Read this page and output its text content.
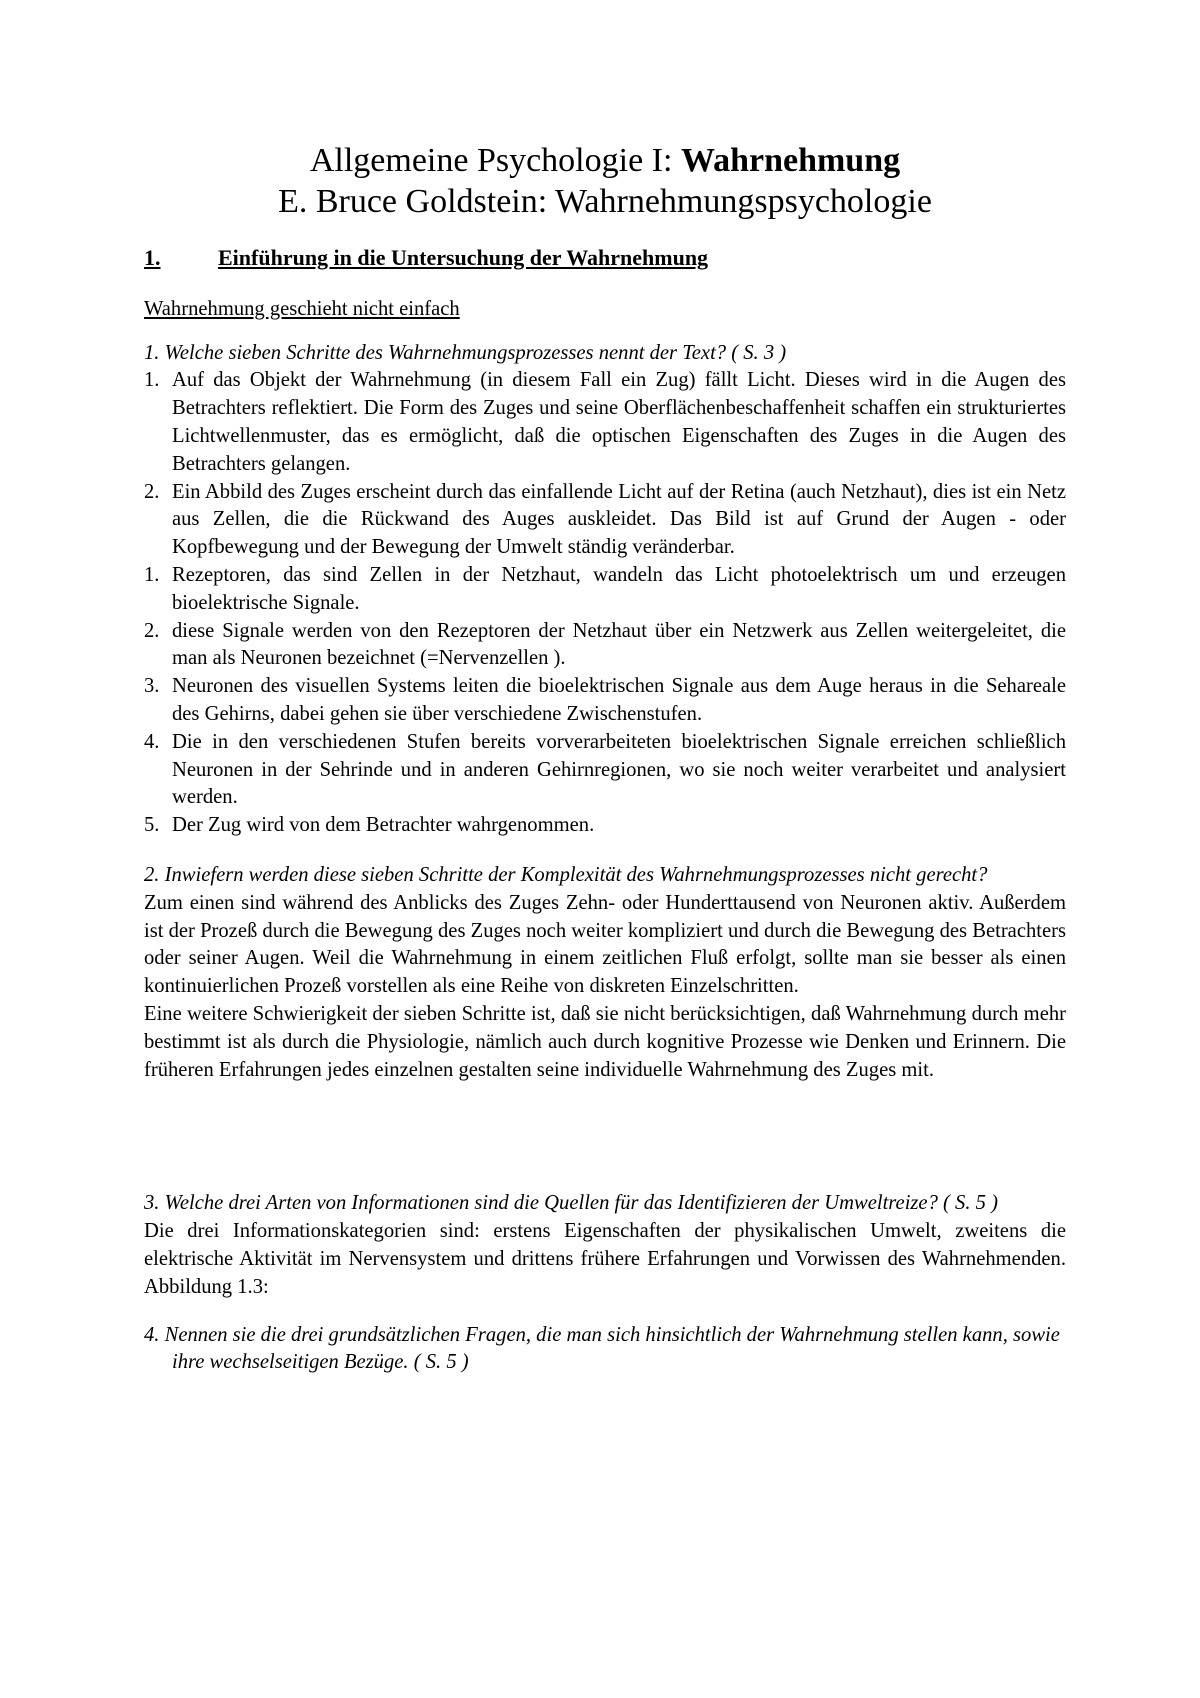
Allgemeine Psychologie I: Wahrnehmung

E. Bruce Goldstein: Wahrnehmungspsychologie

1.	Einführung in die Untersuchung der Wahrnehmung
Wahrnehmung geschieht nicht einfach

1. Welche sieben Schritte des Wahrnehmungsprozesses nennt der Text? ( S. 3 )

1. Auf das Objekt der Wahrnehmung (in diesem Fall ein Zug) fällt Licht. Dieses wird in die Augen des Betrachters reflektiert. Die Form des Zuges und seine Oberflächenbeschaffenheit schaffen ein strukturiertes Lichtwellenmuster, das es ermöglicht, daß die optischen Eigenschaften des Zuges in die Augen des Betrachters gelangen.
2. Ein Abbild des Zuges erscheint durch das einfallende Licht auf der Retina (auch Netzhaut), dies ist ein Netz aus Zellen, die die Rückwand des Auges auskleidet. Das Bild ist auf Grund der Augen - oder Kopfbewegung und der Bewegung der Umwelt ständig veränderbar.
1. Rezeptoren, das sind Zellen in der Netzhaut, wandeln das Licht photoelektrisch um und erzeugen bioelektrische Signale.
2. diese Signale werden von den Rezeptoren der Netzhaut über ein Netzwerk aus Zellen weitergeleitet, die man als Neuronen bezeichnet (=Nervenzellen ).
3. Neuronen des visuellen Systems leiten die bioelektrischen Signale aus dem Auge heraus in die Sehareale des Gehirns, dabei gehen sie über verschiedene Zwischenstufen.
4. Die in den verschiedenen Stufen bereits vorverarbeiteten bioelektrischen Signale erreichen schließlich Neuronen in der Sehrinde und in anderen Gehirnregionen, wo sie noch weiter verarbeitet und analysiert werden.
5. Der Zug wird von dem Betrachter wahrgenommen.

2. Inwiefern werden diese sieben Schritte der Komplexität des Wahrnehmungsprozesses nicht gerecht?

Zum einen sind während des Anblicks des Zuges Zehn- oder Hunderttausend von Neuronen aktiv. Außerdem ist der Prozeß durch die Bewegung des Zuges noch weiter kompliziert und durch die Bewegung des Betrachters oder seiner Augen. Weil die Wahrnehmung in einem zeitlichen Fluß erfolgt, sollte man sie besser als einen kontinuierlichen Prozeß vorstellen als eine Reihe von diskreten Einzelschritten.

Eine weitere Schwierigkeit der sieben Schritte ist, daß sie nicht berücksichtigen, daß Wahrnehmung durch mehr bestimmt ist als durch die Physiologie, nämlich auch durch kognitive Prozesse wie Denken und Erinnern. Die früheren Erfahrungen jedes einzelnen gestalten seine individuelle Wahrnehmung des Zuges mit.

3. Welche drei Arten von Informationen sind die Quellen für das Identifizieren der Umweltreize? ( S. 5 )

Die drei Informationskategorien sind: erstens Eigenschaften der physikalischen Umwelt, zweitens die elektrische Aktivität im Nervensystem und drittens frühere Erfahrungen und Vorwissen des Wahrnehmenden. Abbildung 1.3:

4. Nennen sie die drei grundsätzlichen Fragen, die man sich hinsichtlich der Wahrnehmung stellen kann, sowie ihre wechselseitigen Bezüge. ( S. 5 )
